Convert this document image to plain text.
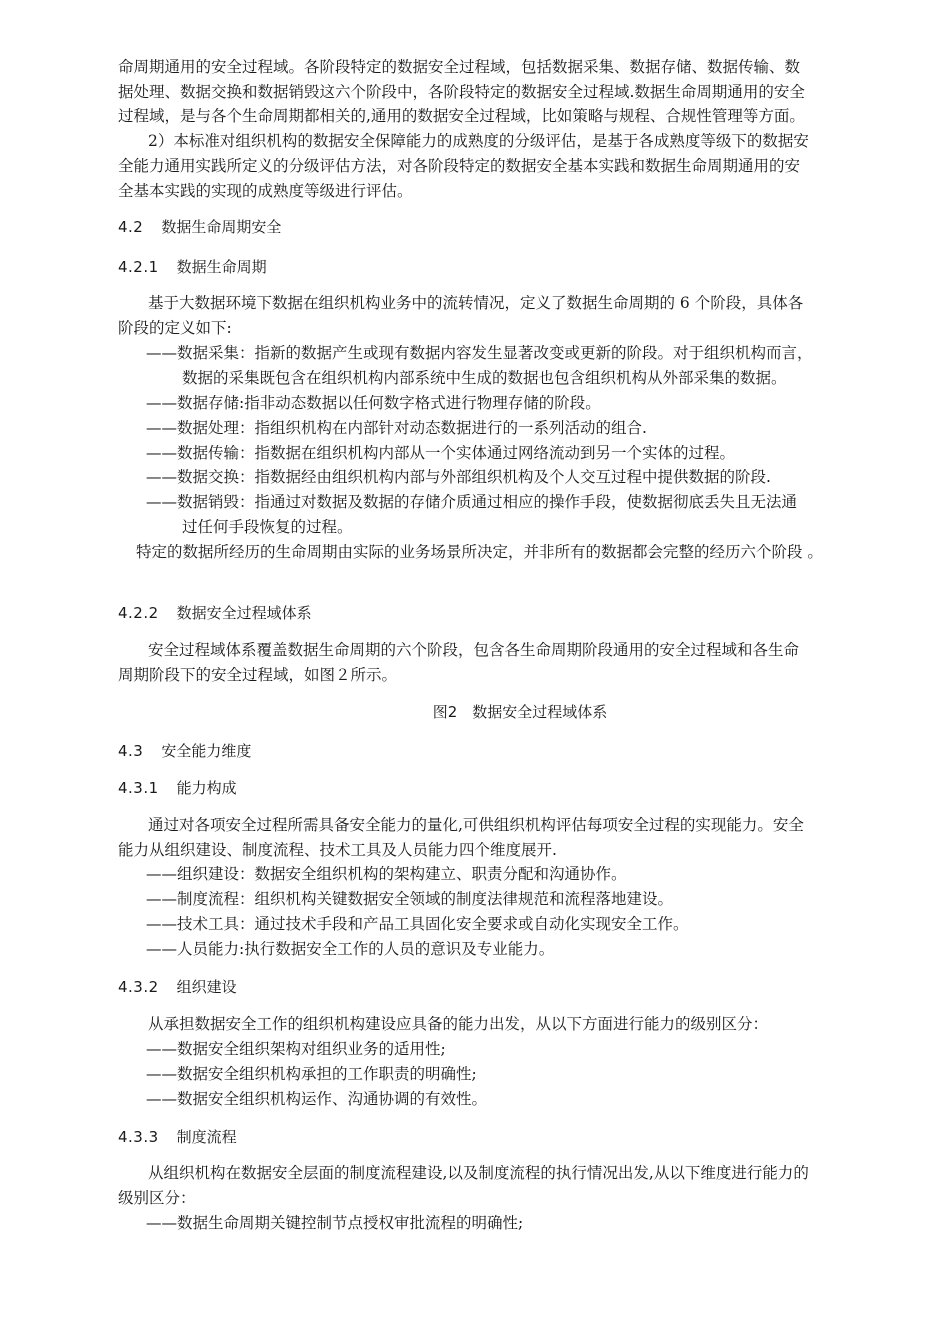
命周期通用的安全过程域。各阶段特定的数据安全过程域，包括数据采集、数据存储、数据传输、数
据处理、数据交换和数据销毁这六个阶段中，各阶段特定的数据安全过程域.数据生命周期通用的安全
过程域，是与各个生命周期都相关的,通用的数据安全过程域，比如策略与规程、合规性管理等方面。
2）本标准对组织机构的数据安全保障能力的成熟度的分级评估，是基于各成熟度等级下的数据安
全能力通用实践所定义的分级评估方法，对各阶段特定的数据安全基本实践和数据生命周期通用的安
全基本实践的实现的成熟度等级进行评估。
4.2 数据生命周期安全
4.2.1 数据生命周期
基于大数据环境下数据在组织机构业务中的流转情况，定义了数据生命周期的 6 个阶段，具体各
阶段的定义如下:
——数据采集：指新的数据产生或现有数据内容发生显著改变或更新的阶段。对于组织机构而言，
数据的采集既包含在组织机构内部系统中生成的数据也包含组织机构从外部采集的数据。
——数据存储:指非动态数据以任何数字格式进行物理存储的阶段。
——数据处理：指组织机构在内部针对动态数据进行的一系列活动的组合.
——数据传输：指数据在组织机构内部从一个实体通过网络流动到另一个实体的过程。
——数据交换：指数据经由组织机构内部与外部组织机构及个人交互过程中提供数据的阶段.
——数据销毁：指通过对数据及数据的存储介质通过相应的操作手段，使数据彻底丢失且无法通
过任何手段恢复的过程。
特定的数据所经历的生命周期由实际的业务场景所决定，并非所有的数据都会完整的经历六个阶段 。
4.2.2 数据安全过程域体系
安全过程域体系覆盖数据生命周期的六个阶段，包含各生命周期阶段通用的安全过程域和各生命
周期阶段下的安全过程域，如图２所示。
图2　数据安全过程域体系
4.3 安全能力维度
4.3.1 能力构成
通过对各项安全过程所需具备安全能力的量化,可供组织机构评估每项安全过程的实现能力。安全
能力从组织建设、制度流程、技术工具及人员能力四个维度展开.
——组织建设：数据安全组织机构的架构建立、职责分配和沟通协作。
——制度流程：组织机构关键数据安全领域的制度法律规范和流程落地建设。
——技术工具：通过技术手段和产品工具固化安全要求或自动化实现安全工作。
——人员能力:执行数据安全工作的人员的意识及专业能力。
4.3.2 组织建设
从承担数据安全工作的组织机构建设应具备的能力出发，从以下方面进行能力的级别区分：
——数据安全组织架构对组织业务的适用性;
——数据安全组织机构承担的工作职责的明确性;
——数据安全组织机构运作、沟通协调的有效性。
4.3.3 制度流程
从组织机构在数据安全层面的制度流程建设,以及制度流程的执行情况出发,从以下维度进行能力的
级别区分：
——数据生命周期关键控制节点授权审批流程的明确性;
